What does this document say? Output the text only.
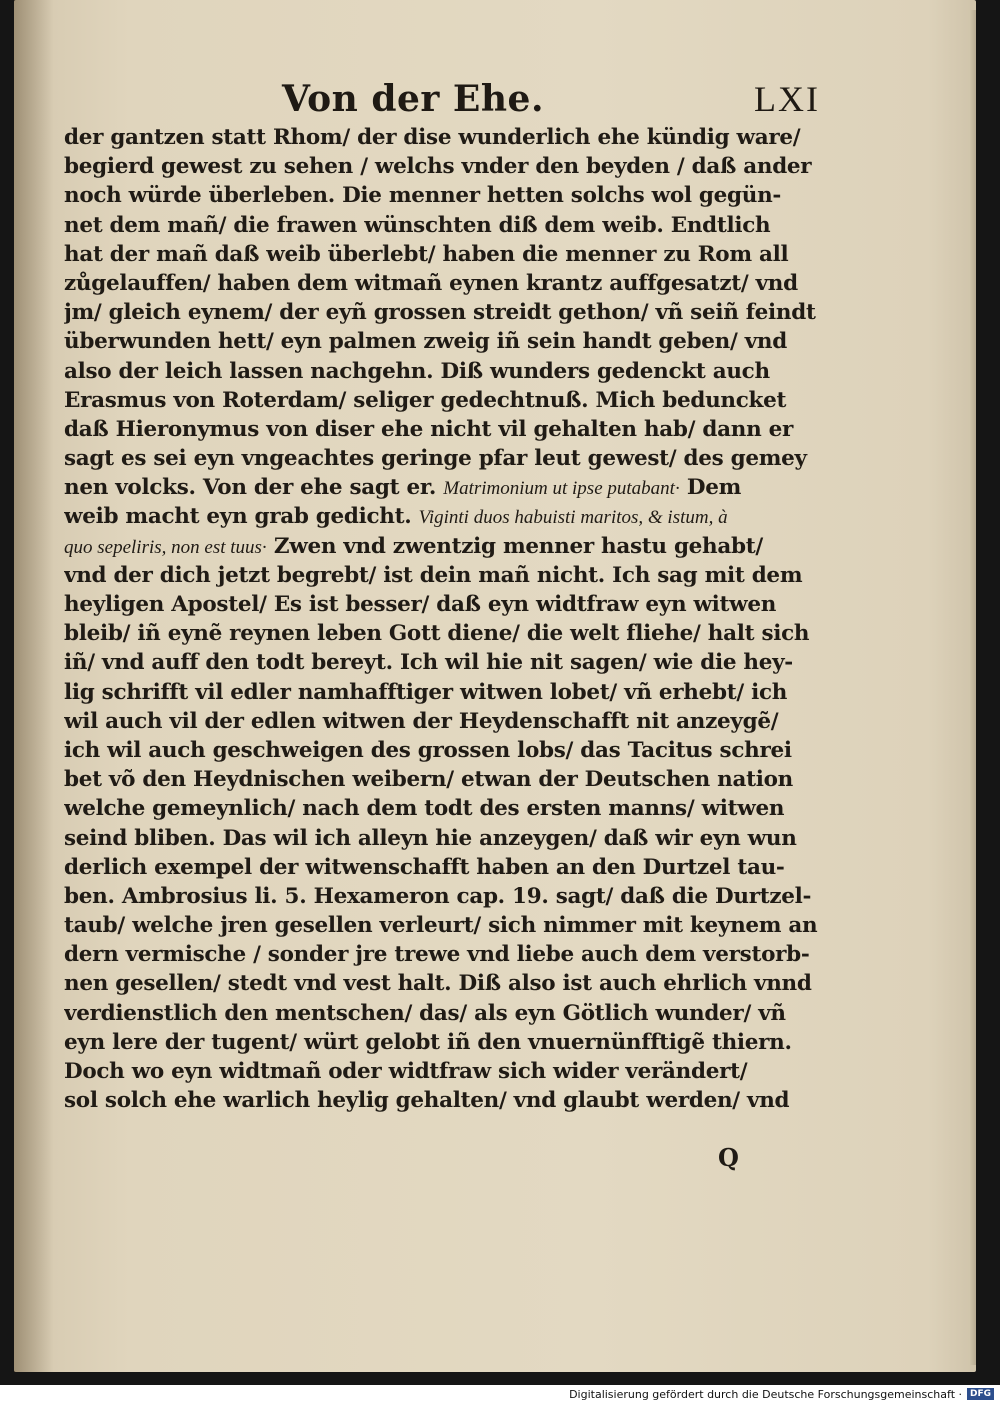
Von der Ehe.	LXI
der gantzen statt Rhom/ der dise wunderlich ehe kündig ware/
begierd gewest zu sehen / welchs vnder den beyden / daß ander
noch würde überleben. Die menner hetten solchs wol gegün-
net dem mañ/ die frawen wünschten diß dem weib. Endtlich
hat der mañ daß weib überlebt/ haben die menner zu Rom all
zůgelauffen/ haben dem witmañ eynen krantz auffgesatzt/ vnd
jm/ gleich eynem/ der eyñ grossen streidt gethon/ vñ seiñ feindt
überwunden hett/ eyn palmen zweig iñ sein handt geben/ vnd
also der leich lassen nachgehn. Diß wunders gedenckt auch
Erasmus von Roterdam/ seliger gedechtnuß. Mich beduncket
daß Hieronymus von diser ehe nicht vil gehalten hab/ dann er
sagt es sei eyn vngeachtes geringe pfar leut gewest/ des gemey
nen volcks. Von der ehe sagt er. Matrimonium ut ipse putabant· Dem
weib macht eyn grab gedicht. Viginti duos habuisti maritos, & istum, à
quo sepeliris, non est tuus· Zwen vnd zwentzig menner hastu gehabt/
vnd der dich jetzt begrebt/ ist dein mañ nicht. Ich sag mit dem
heyligen Apostel/ Es ist besser/ daß eyn widtfraw eyn witwen
bleib/ iñ eynẽ reynen leben Gott diene/ die welt fliehe/ halt sich
iñ/ vnd auff den todt bereyt. Ich wil hie nit sagen/ wie die hey-
lig schrifft vil edler namhafftiger witwen lobet/ vñ erhebt/ ich
wil auch vil der edlen witwen der Heydenschafft nit anzeygẽ/
ich wil auch geschweigen des grossen lobs/ das Tacitus schrei
bet võ den Heydnischen weibern/ etwan der Deutschen nation
welche gemeynlich/ nach dem todt des ersten manns/ witwen
seind bliben. Das wil ich alleyn hie anzeygen/ daß wir eyn wun
derlich exempel der witwenschafft haben an den Durtzel tau-
ben. Ambrosius li. 5. Hexameron cap. 19. sagt/ daß die Durtzel-
taub/ welche jren gesellen verleurt/ sich nimmer mit keynem an
dern vermische / sonder jre trewe vnd liebe auch dem verstorb-
nen gesellen/ stedt vnd vest halt. Diß also ist auch ehrlich vnnd
verdienstlich den mentschen/ das/ als eyn Götlich wunder/ vñ
eyn lere der tugent/ würt gelobt iñ den vnuernünfftigẽ thiern.
Doch wo eyn widtmañ oder widtfraw sich wider verändert/
sol solch ehe warlich heylig gehalten/ vnd glaubt werden/ vnd
Q
Digitalisierung gefördert durch die Deutsche Forschungsgemeinschaft · DFG
